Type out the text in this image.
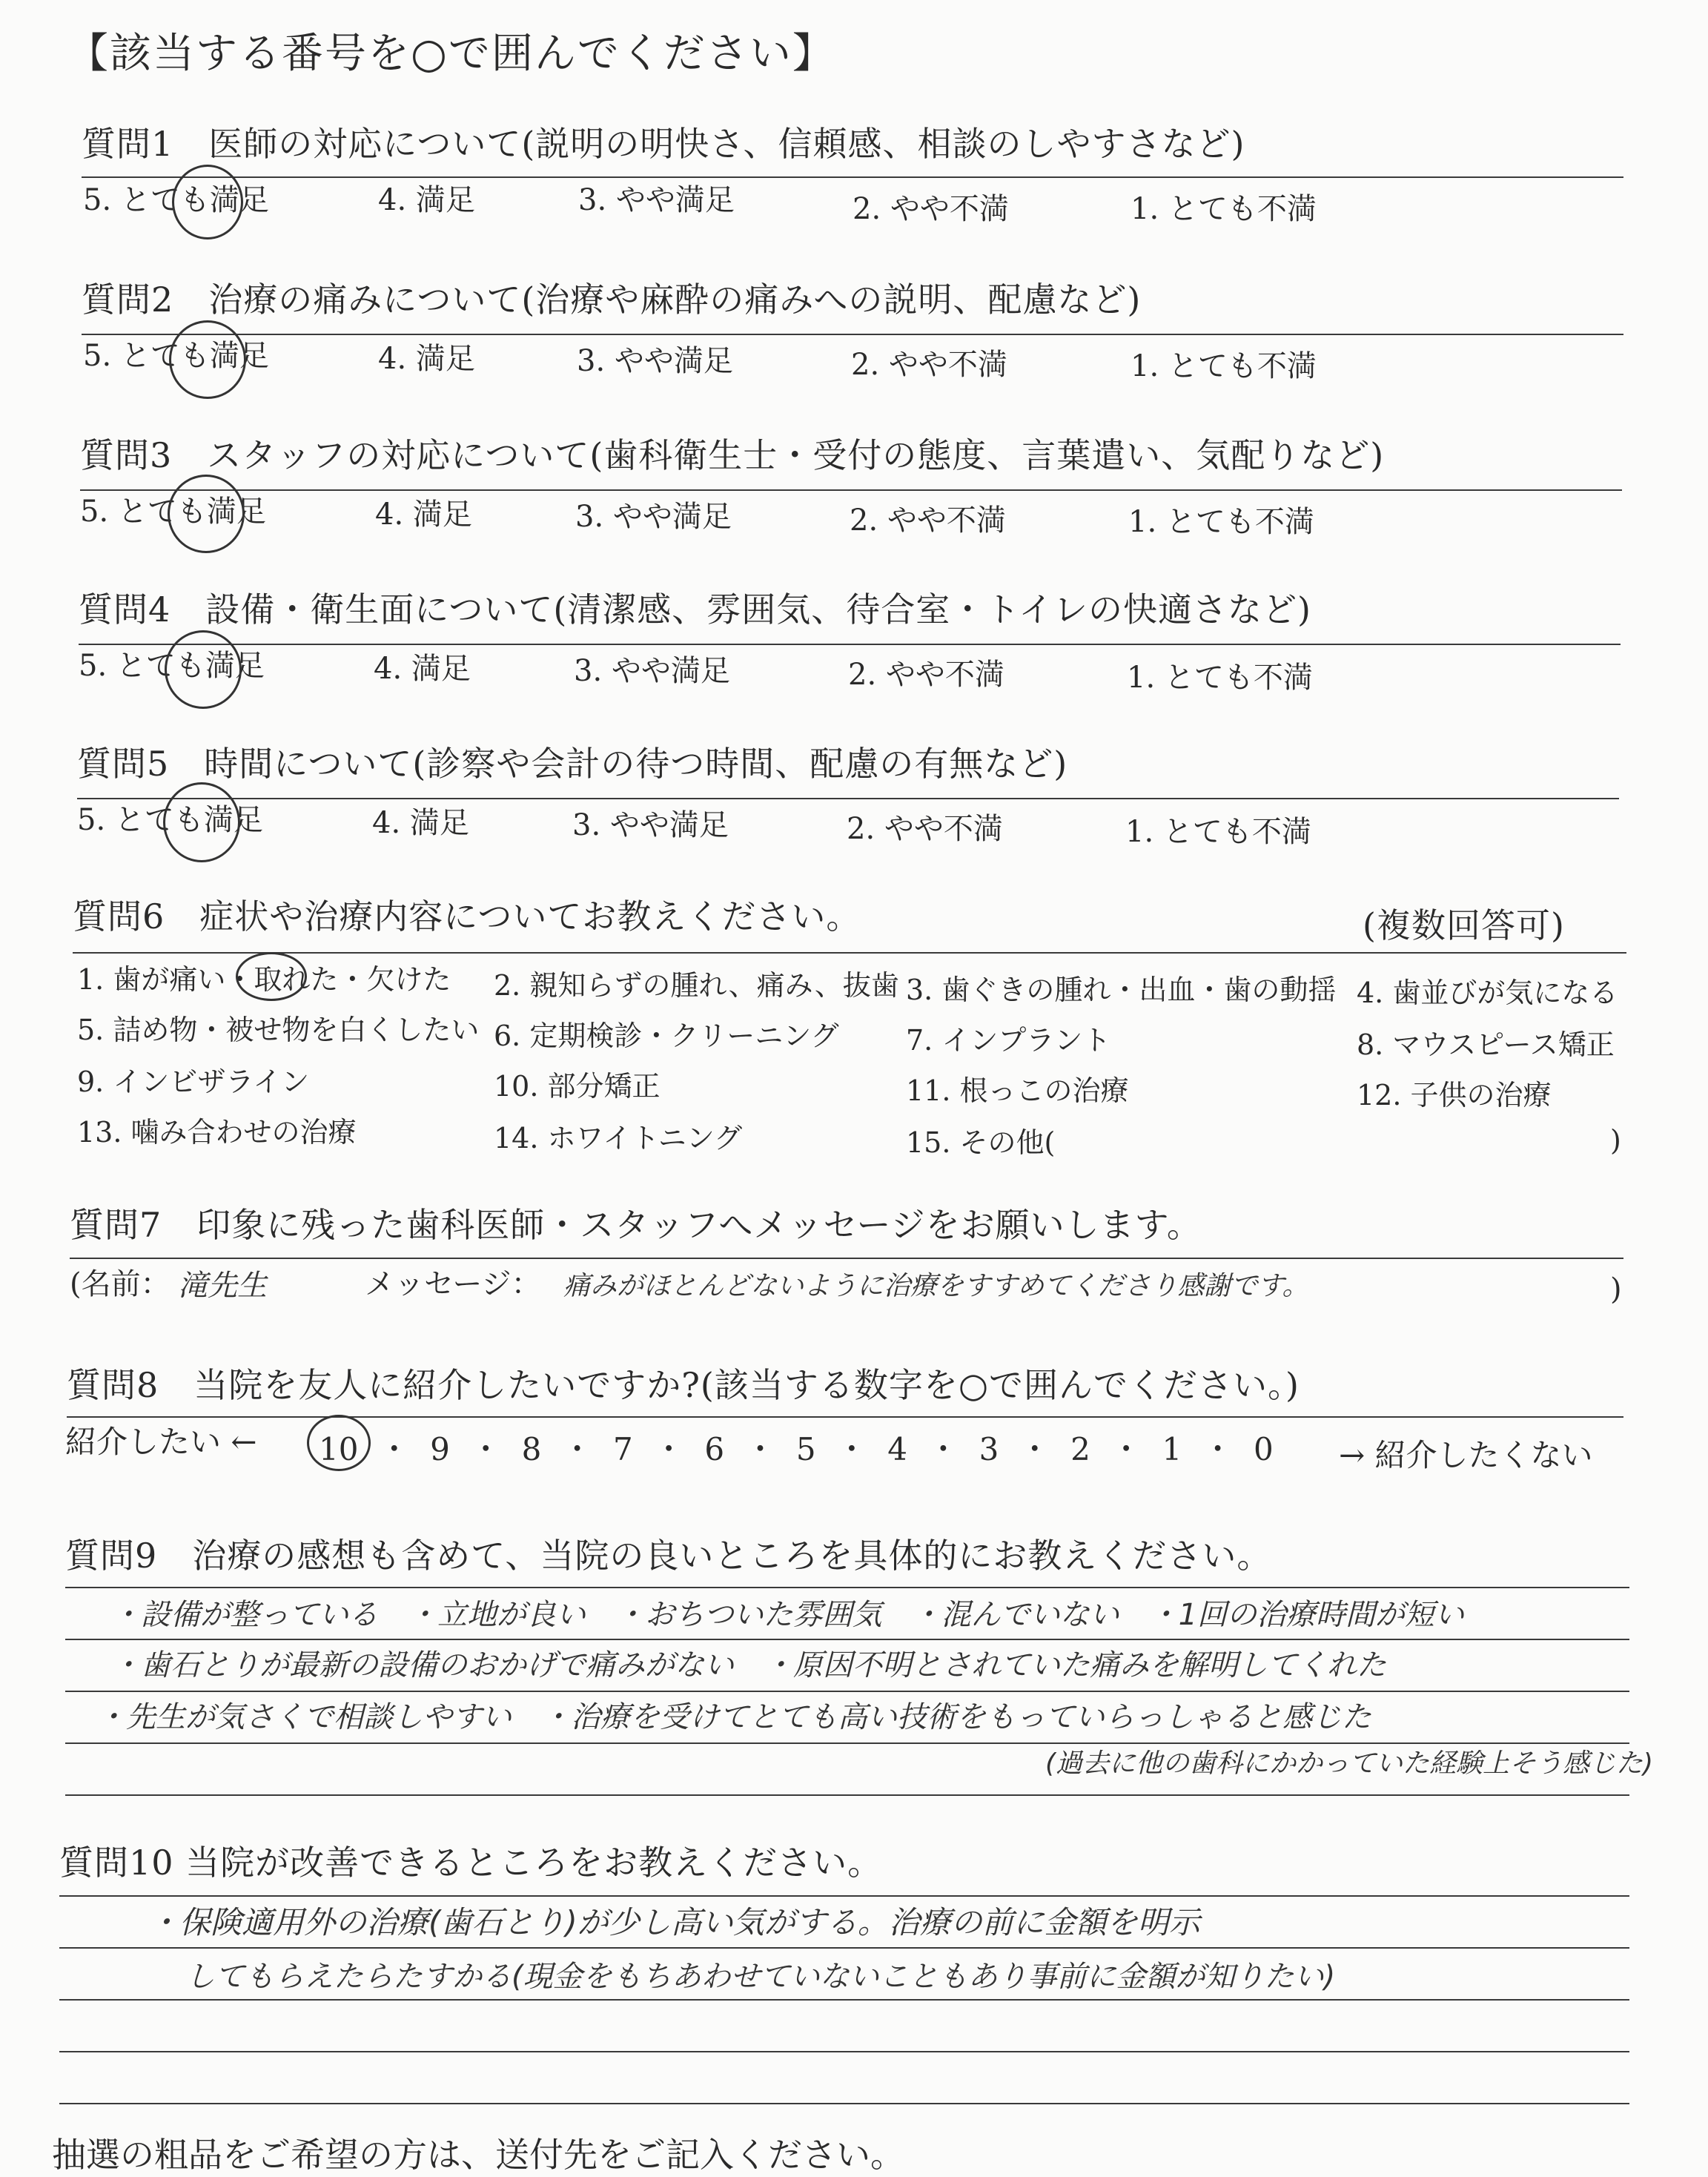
【該当する番号を○で囲んでください】
質問1　医師の対応について(説明の明快さ、信頼感、相談のしやすさなど)
5. とても満足	4. 満足	3. やや満足	2. やや不満	1. とても不満
質問2　治療の痛みについて(治療や麻酔の痛みへの説明、配慮など)
5. とても満足	4. 満足	3. やや満足	2. やや不満	1. とても不満
質問3　スタッフの対応について(歯科衛生士・受付の態度、言葉遣い、気配りなど)
5. とても満足	4. 満足	3. やや満足	2. やや不満	1. とても不満
質問4　設備・衛生面について(清潔感、雰囲気、待合室・トイレの快適さなど)
5. とても満足	4. 満足	3. やや満足	2. やや不満	1. とても不満
質問5　時間について(診察や会計の待つ時間、配慮の有無など)
5. とても満足	4. 満足	3. やや満足	2. やや不満	1. とても不満
質問6　症状や治療内容についてお教えください。	(複数回答可)
1. 歯が痛い・取れた・欠けた 2. 親知らずの腫れ、痛み、抜歯 3. 歯ぐきの腫れ・出血・歯の動揺 4. 歯並びが気になる
5. 詰め物・被せ物を白くしたい 6. 定期検診・クリーニング 7. インプラント	8. マウスピース矯正
9. インビザライン	10. 部分矯正	11. 根っこの治療	12. 子供の治療
13. 噛み合わせの治療	14. ホワイトニング	15. その他(	)
質問7　印象に残った歯科医師・スタッフへメッセージをお願いします。
(名前： 滝先生	メッセージ： 痛みがほとんどないように治療をすすめてくださり感謝です。	)
質問8　当院を友人に紹介したいですか?(該当する数字を○で囲んでください。)
紹介したい ← 10 ・ 9 ・ 8 ・ 7 ・ 6 ・ 5 ・ 4 ・ 3 ・ 2 ・ 1 ・ 0 → 紹介したくない
質問9　治療の感想も含めて、当院の良いところを具体的にお教えください。
・設備が整っている　・立地が良い　・おちついた雰囲気　・混んでいない　・1回の治療時間が短い
・歯石とりが最新の設備のおかげで痛みがない　・原因不明とされていた痛みを解明してくれた
・先生が気さくで相談しやすい　・治療を受けてとても高い技術をもっていらっしゃると感じた
(過去に他の歯科にかかっていた経験上そう感じた)
質問10 当院が改善できるところをお教えください。
・保険適用外の治療(歯石とり)が少し高い気がする。治療の前に金額を明示
してもらえたらたすかる(現金をもちあわせていないこともあり事前に金額が知りたい)
抽選の粗品をご希望の方は、送付先をご記入ください。
